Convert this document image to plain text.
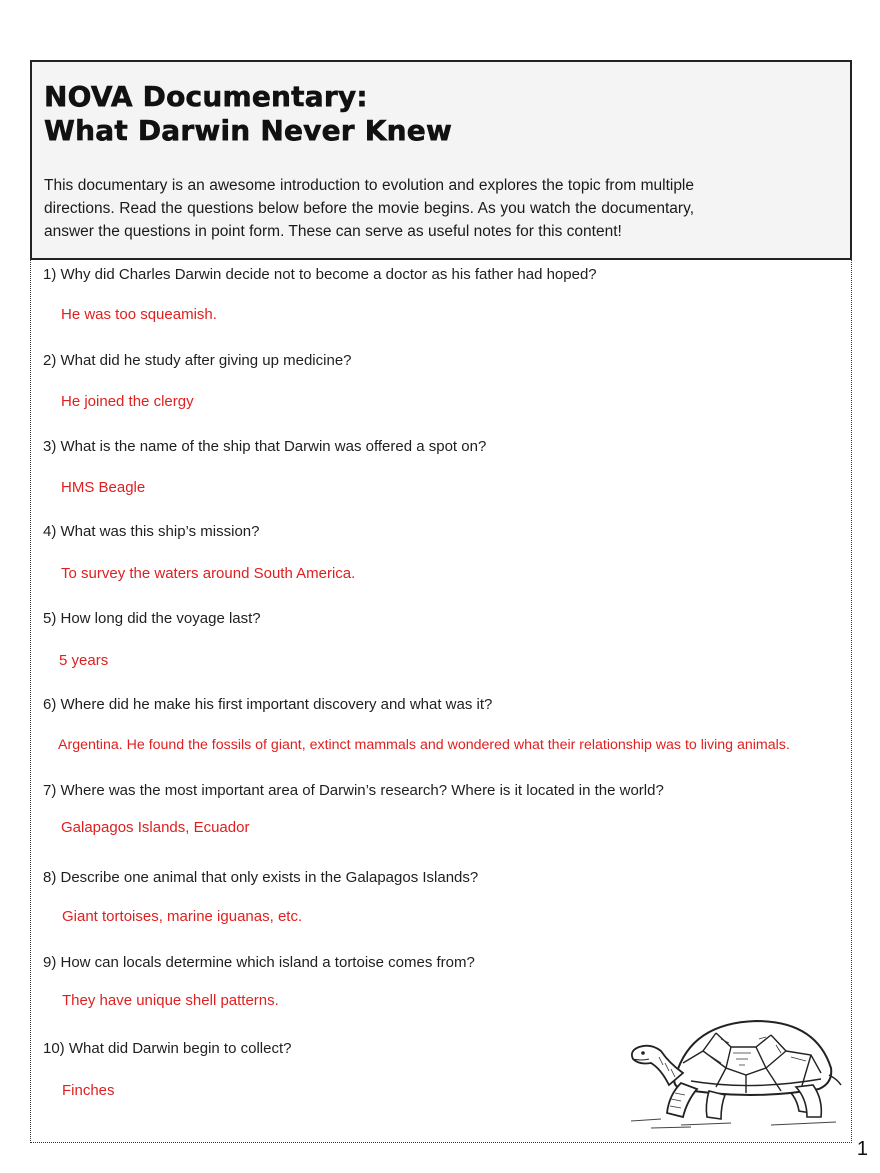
NOVA Documentary:
What Darwin Never Knew

This documentary is an awesome introduction to evolution and explores the topic from multiple directions. Read the questions below before the movie begins. As you watch the documentary, answer the questions in point form. These can serve as useful notes for this content!

1) Why did Charles Darwin decide not to become a doctor as his father had hoped?

He was too squeamish.

2) What did he study after giving up medicine?

He joined the clergy

3) What is the name of the ship that Darwin was offered a spot on?

HMS Beagle

4) What was this ship’s mission?

To survey the waters around South America.

5) How long did the voyage last?

5 years

6) Where did he make his first important discovery and what was it?

Argentina. He found the fossils of giant, extinct mammals and wondered what their relationship was to living animals.

7) Where was the most important area of Darwin’s research? Where is it located in the world?

Galapagos Islands, Ecuador

8) Describe one animal that only exists in the Galapagos Islands?

Giant tortoises, marine iguanas, etc.

9) How can locals determine which island a tortoise comes from?

They have unique shell patterns.

10) What did Darwin begin to collect?

Finches

1
